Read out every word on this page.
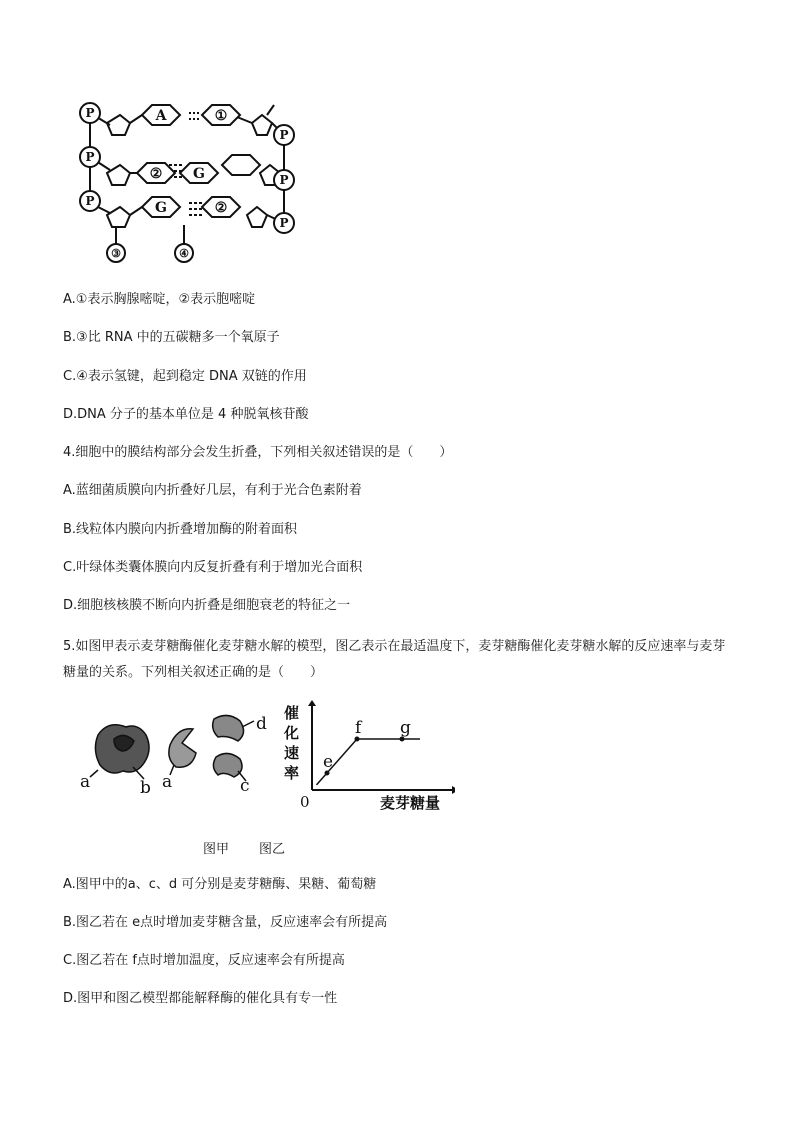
A	①
② G
G	②
P
P
P
P
P
P
③	④
A.①表示胸腺嘧啶，②表示胞嘧啶
B.③比 RNA 中的五碳糖多一个氧原子
C.④表示氢键，起到稳定 DNA 双链的作用
D.DNA 分子的基本单位是 4 种脱氧核苷酸
4.细胞中的膜结构部分会发生折叠，下列相关叙述错误的是（　　）
A.蓝细菌质膜向内折叠好几层，有利于光合色素附着
B.线粒体内膜向内折叠增加酶的附着面积
C.叶绿体类囊体膜向内反复折叠有利于增加光合面积
D.细胞核核膜不断向内折叠是细胞衰老的特征之一
5.如图甲表示麦芽糖酶催化麦芽糖水解的模型，图乙表示在最适温度下，麦芽糖酶催化麦芽糖水解的反应速率与麦芽糖量的关系。下列相关叙述正确的是（　　）
a	b a	c
d
e
f g
0	麦芽糖量
催
化
速
率
图甲 图乙
A.图甲中的a、c、d 可分别是麦芽糖酶、果糖、葡萄糖
B.图乙若在 e点时增加麦芽糖含量，反应速率会有所提高
C.图乙若在 f点时增加温度，反应速率会有所提高
D.图甲和图乙模型都能解释酶的催化具有专一性
